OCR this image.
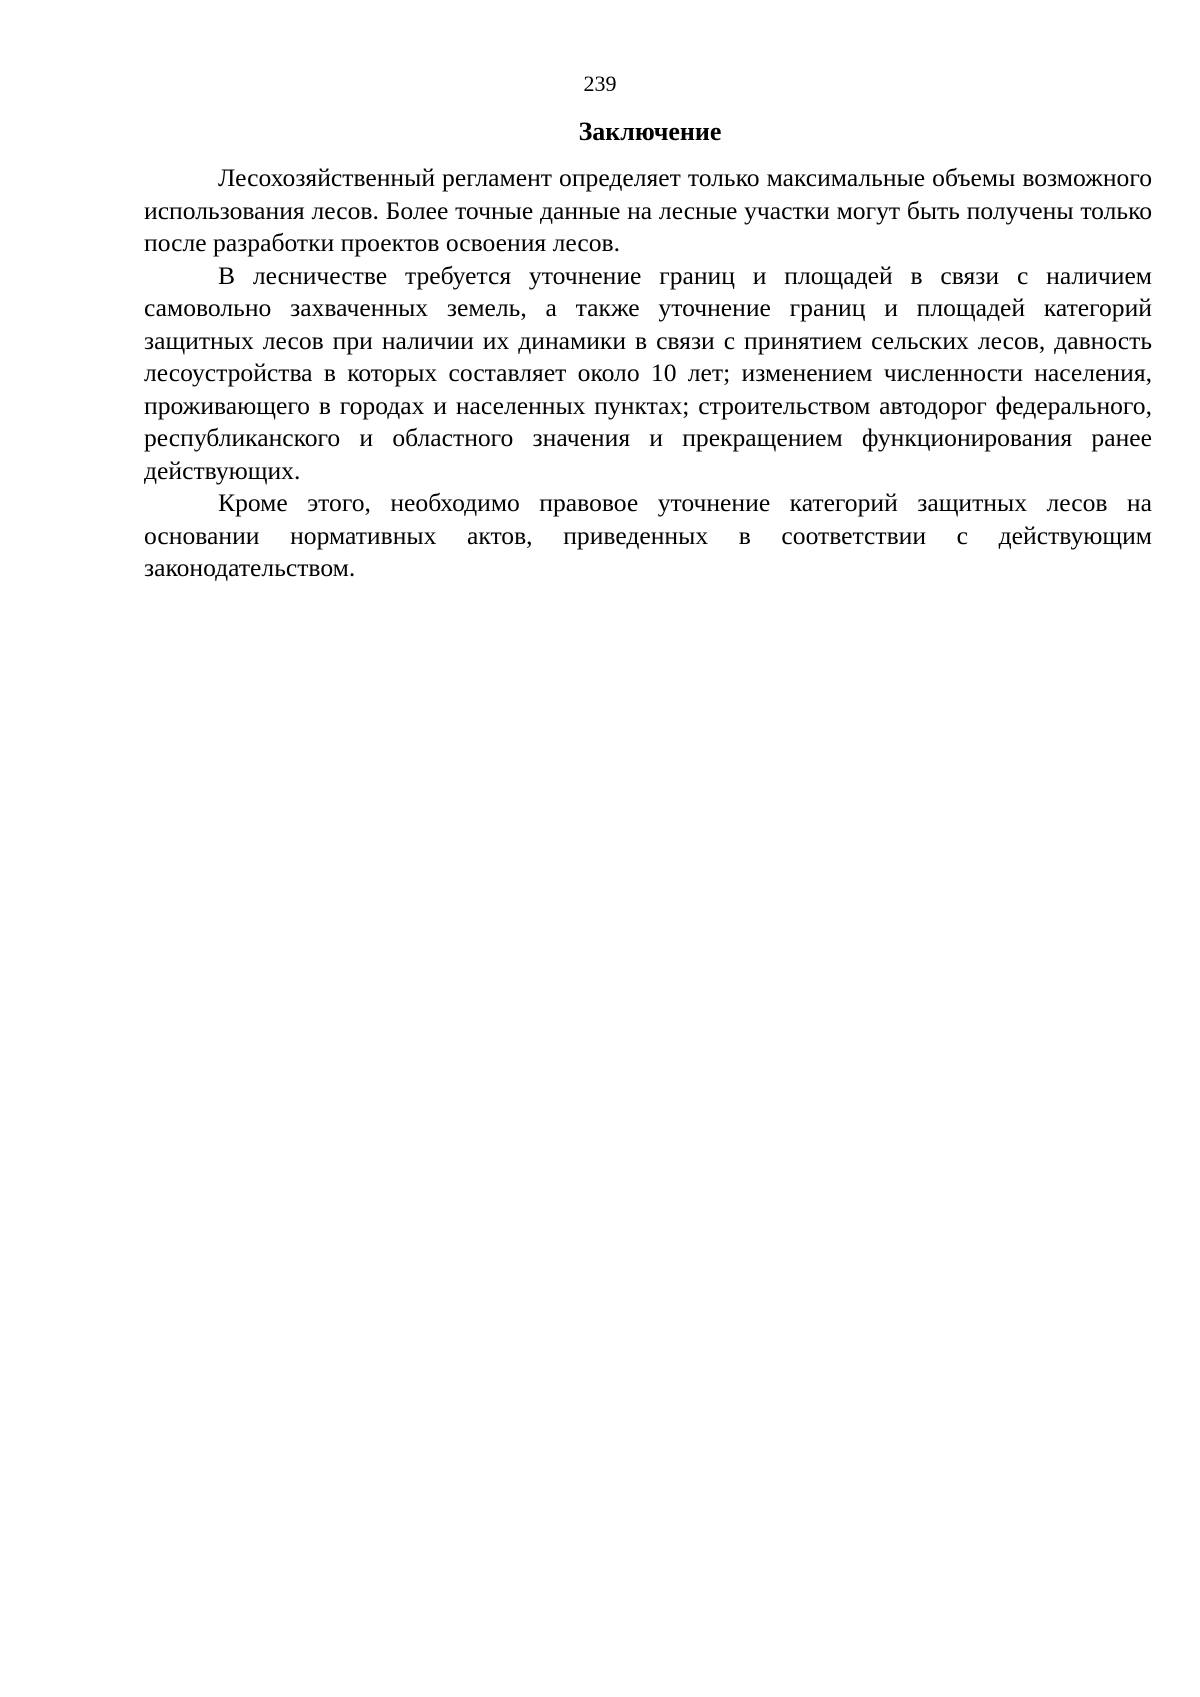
239
Заключение

Лесохозяйственный регламент определяет только максимальные объемы возможного использования лесов. Более точные данные на лесные участки могут быть получены только после разработки проектов освоения лесов.

В лесничестве требуется уточнение границ и площадей в связи с наличием самовольно захваченных земель, а также уточнение границ и площадей категорий защитных лесов при наличии их динамики в связи с принятием сельских лесов, давность лесоустройства в которых составляет около 10 лет; изменением численности населения, проживающего в городах и населенных пунктах; строительством автодорог федерального, республиканского и областного значения и прекращением функционирования ранее действующих.

Кроме этого, необходимо правовое уточнение категорий защитных лесов на основании нормативных актов, приведенных в соответствии с действующим законодательством.
